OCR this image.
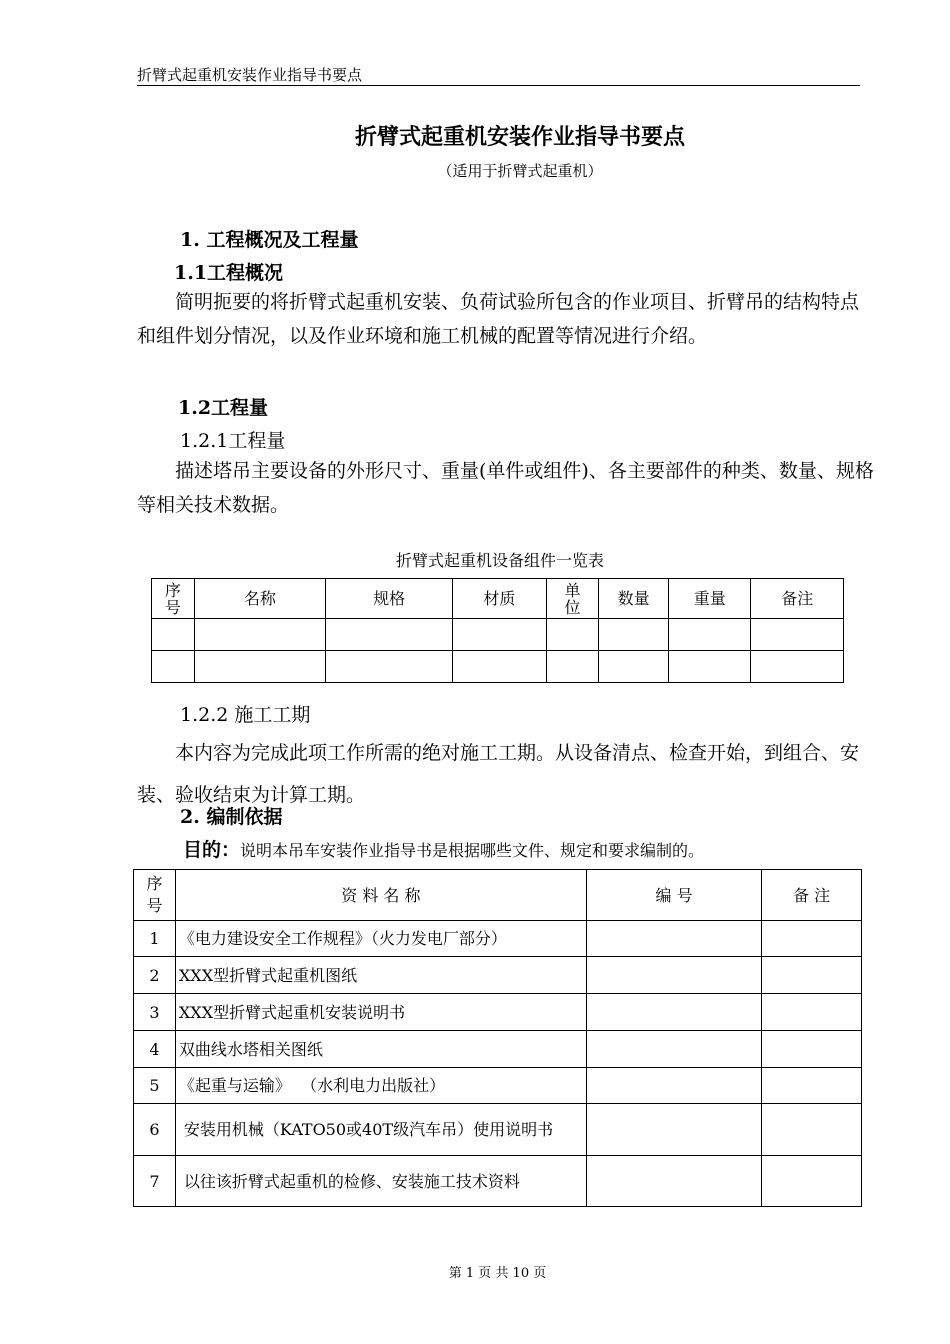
折臂式起重机安装作业指导书要点
折臂式起重机安装作业指导书要点
（适用于折臂式起重机）
1. 工程概况及工程量
1.1工程概况
简明扼要的将折臂式起重机安装、负荷试验所包含的作业项目、折臂吊的结构特点和组件划分情况，以及作业环境和施工机械的配置等情况进行介绍。
1.2工程量
1.2.1工程量
描述塔吊主要设备的外形尺寸、重量(单件或组件)、各主要部件的种类、数量、规格等相关技术数据。
折臂式起重机设备组件一览表
序号	名称	规格	材质	单位	数量	重量	备注

1.2.2 施工工期
本内容为完成此项工作所需的绝对施工工期。从设备清点、检查开始，到组合、安装、验收结束为计算工期。
2. 编制依据
目的：说明本吊车安装作业指导书是根据哪些文件、规定和要求编制的。
序号	资 料 名 称	编 号	备 注
1	《电力建设安全工作规程》（火力发电厂部分）		
2	XXX型折臂式起重机图纸		
3	XXX型折臂式起重机安装说明书		
4	双曲线水塔相关图纸		
5	《起重与运输》  （水利电力出版社）		
6	安装用机械（KATO50或40T级汽车吊）使用说明书		

7	以往该折臂式起重机的检修、安装施工技术资料		

第 1 页 共 10 页
